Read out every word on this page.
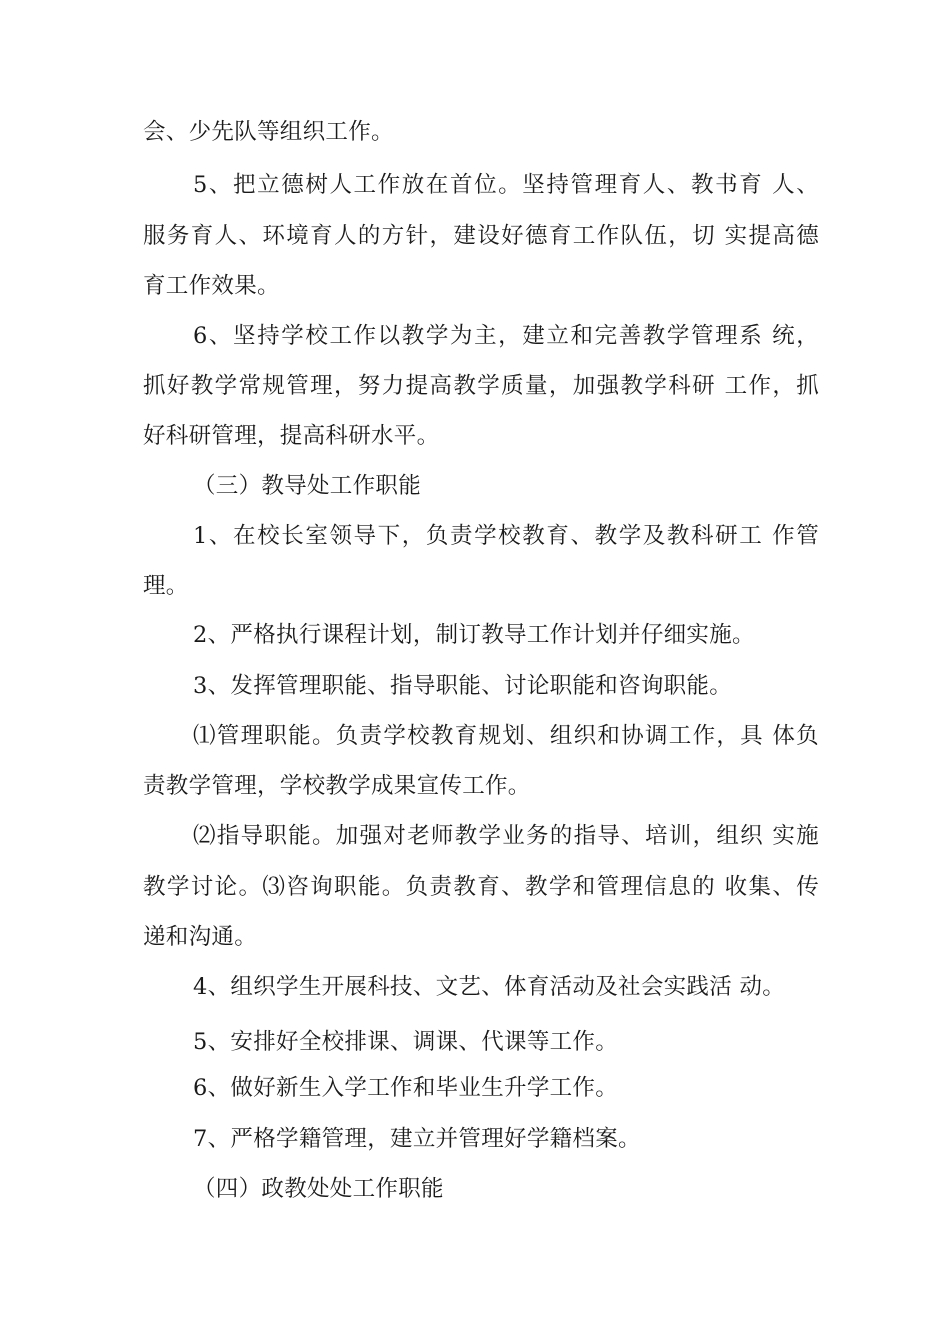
会、少先队等组织工作。
5、把立德树人工作放在首位。坚持管理育人、教书育 人、
服务育人、环境育人的方针，建设好德育工作队伍，切 实提高德
育工作效果。
6、坚持学校工作以教学为主，建立和完善教学管理系 统，
抓好教学常规管理，努力提高教学质量，加强教学科研 工作，抓
好科研管理，提高科研水平。
（三）教导处工作职能
1、在校长室领导下，负责学校教育、教学及教科研工 作管
理。
2、严格执行课程计划，制订教导工作计划并仔细实施。
3、发挥管理职能、指导职能、讨论职能和咨询职能。
⑴管理职能。负责学校教育规划、组织和协调工作，具 体负
责教学管理，学校教学成果宣传工作。
⑵指导职能。加强对老师教学业务的指导、培训，组织 实施
教学讨论。⑶咨询职能。负责教育、教学和管理信息的 收集、传
递和沟通。
4、组织学生开展科技、文艺、体育活动及社会实践活 动。
5、安排好全校排课、调课、代课等工作。
6、做好新生入学工作和毕业生升学工作。
7、严格学籍管理，建立并管理好学籍档案。
（四）政教处处工作职能
